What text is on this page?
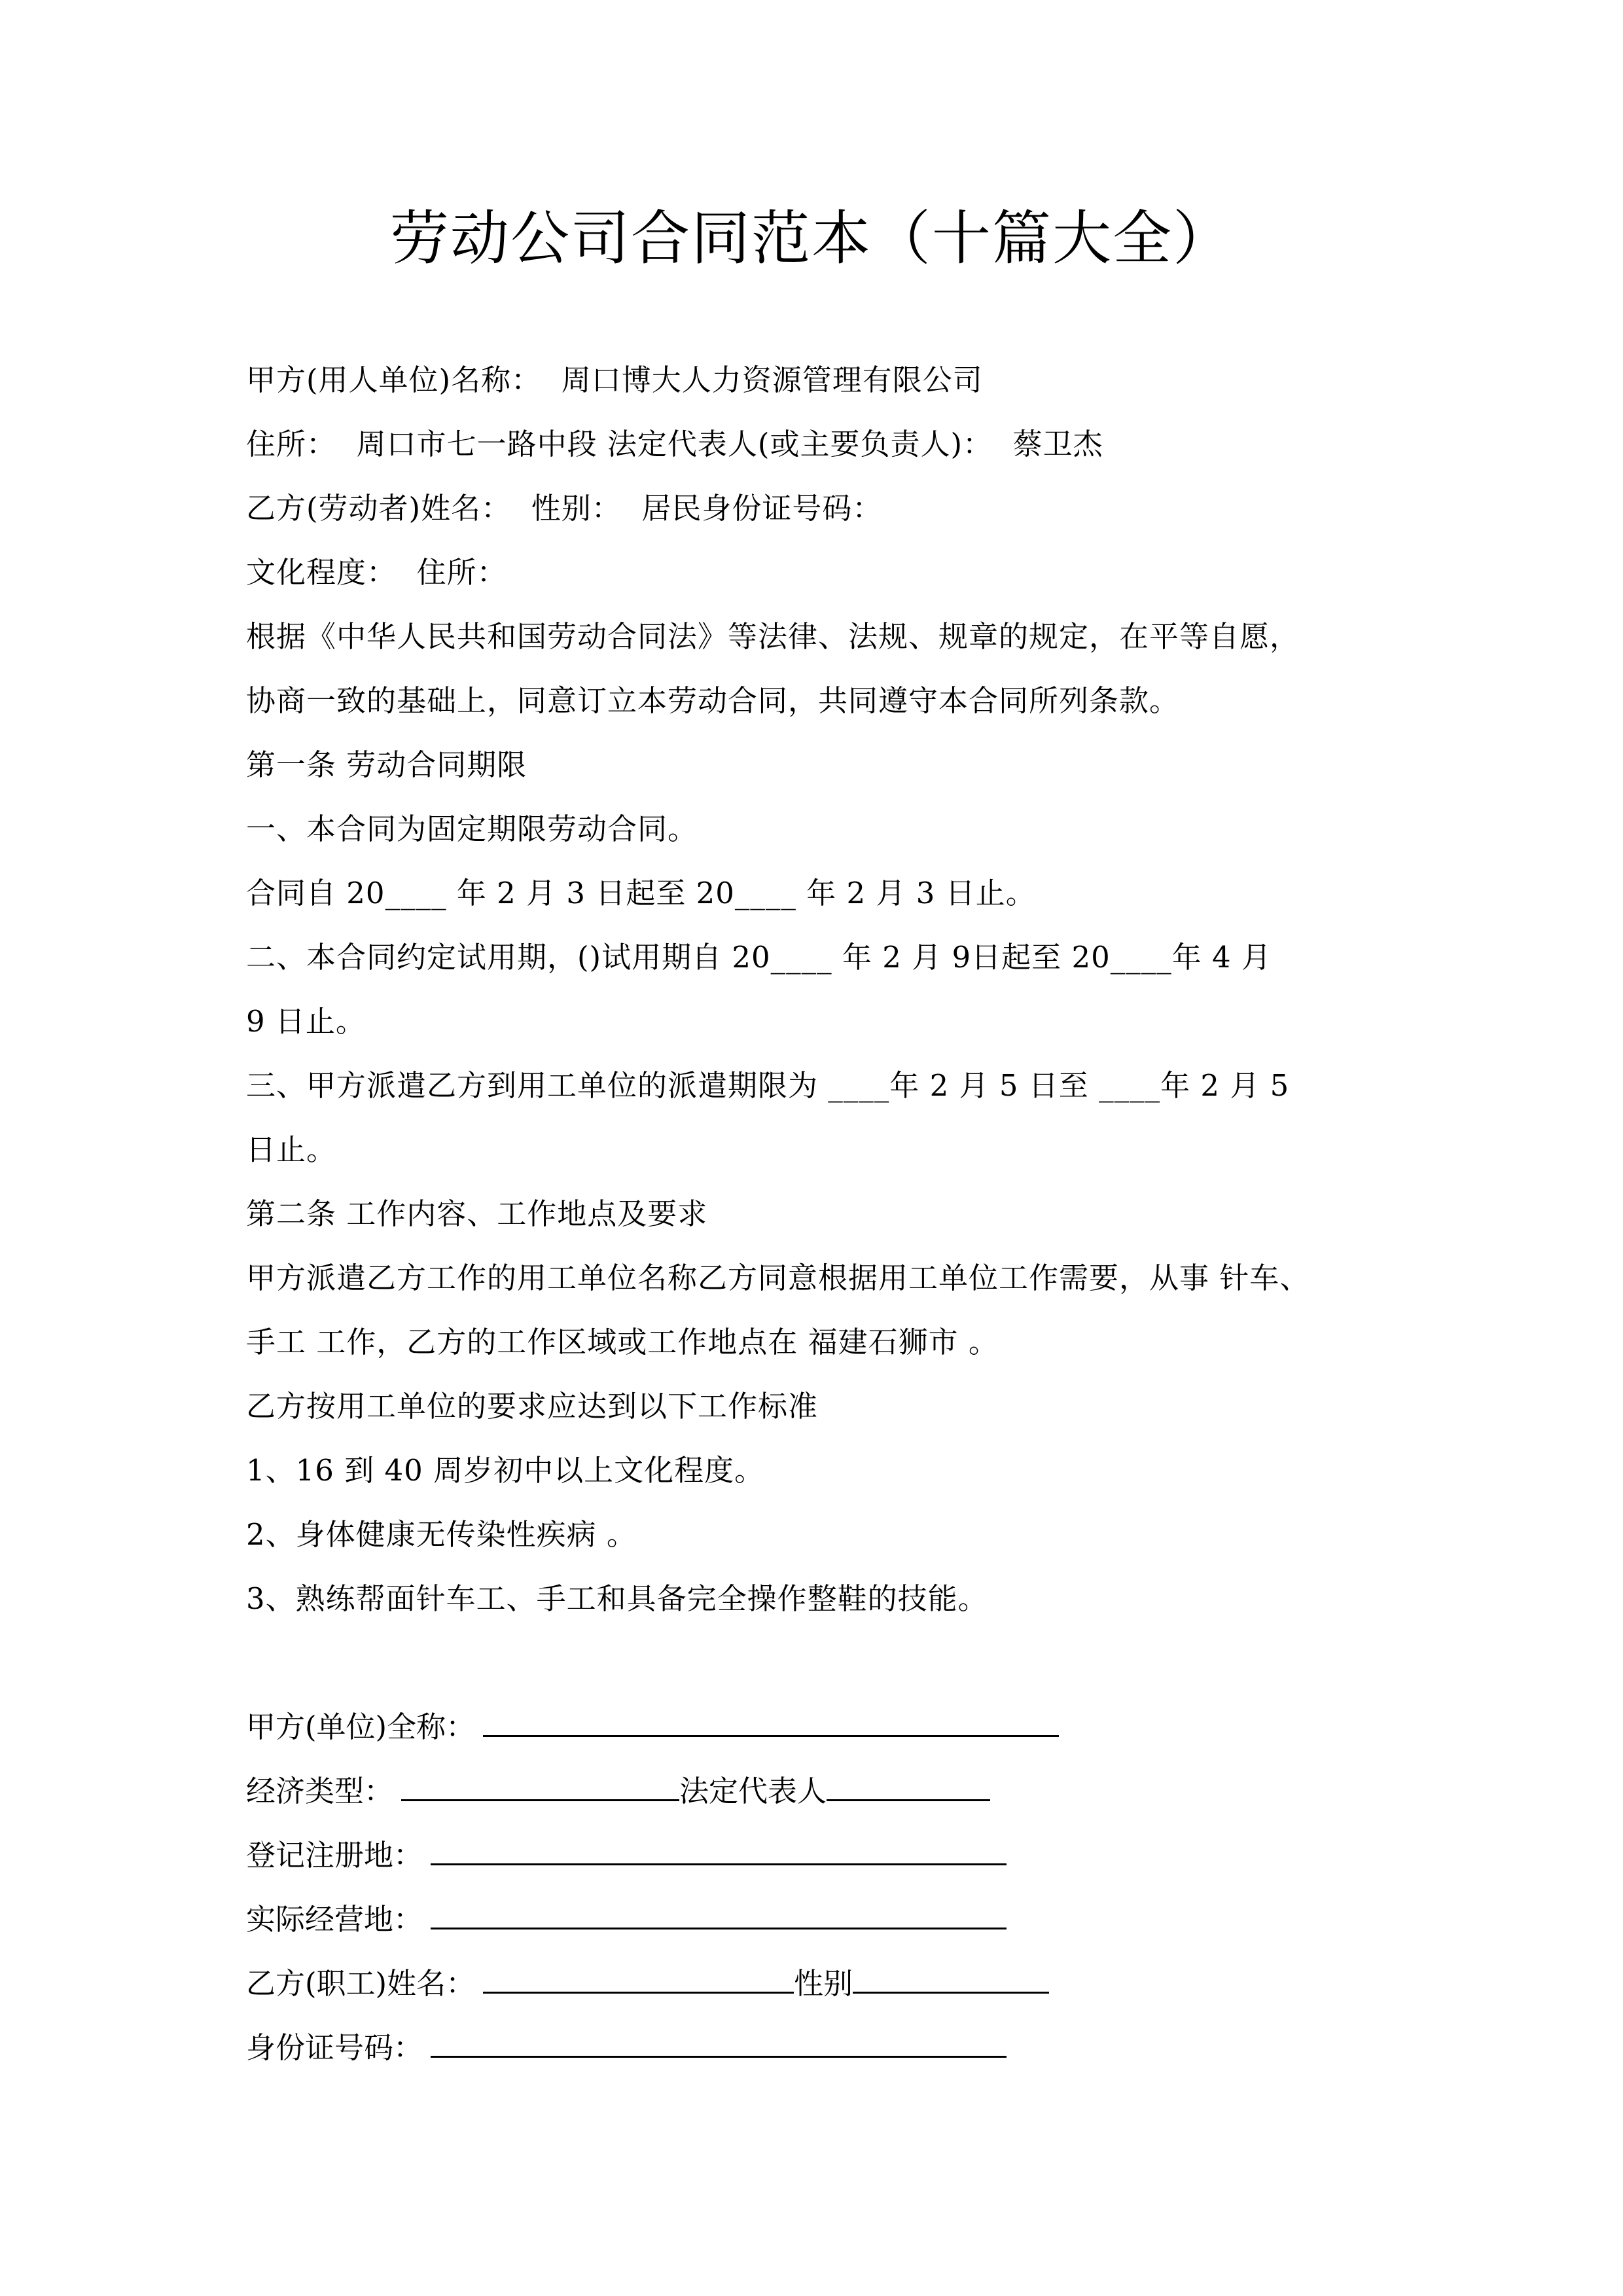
劳动公司合同范本（十篇大全）
甲方(用人单位)名称：  周口博大人力资源管理有限公司
住所：  周口市七一路中段 法定代表人(或主要负责人)：  蔡卫杰
乙方(劳动者)姓名：  性别：  居民身份证号码：
文化程度：  住所：
根据《中华人民共和国劳动合同法》等法律、法规、规章的规定，在平等自愿，
协商一致的基础上，同意订立本劳动合同，共同遵守本合同所列条款。
第一条 劳动合同期限
一、本合同为固定期限劳动合同。
合同自 20____ 年 2 月 3 日起至 20____ 年 2 月 3 日止。
二、本合同约定试用期，()试用期自 20____ 年 2 月 9日起至 20____年 4 月
9 日止。
三、甲方派遣乙方到用工单位的派遣期限为 ____年 2 月 5 日至 ____年 2 月 5
日止。
第二条 工作内容、工作地点及要求
甲方派遣乙方工作的用工单位名称乙方同意根据用工单位工作需要，从事 针车、
手工 工作，乙方的工作区域或工作地点在 福建石狮市 。
乙方按用工单位的要求应达到以下工作标准
1、16 到 40 周岁初中以上文化程度。
2、身体健康无传染性疾病 。
3、熟练帮面针车工、手工和具备完全操作整鞋的技能。
甲方(单位)全称：
经济类型：	法定代表人
登记注册地：
实际经营地：
乙方(职工)姓名：	性别
身份证号码：
